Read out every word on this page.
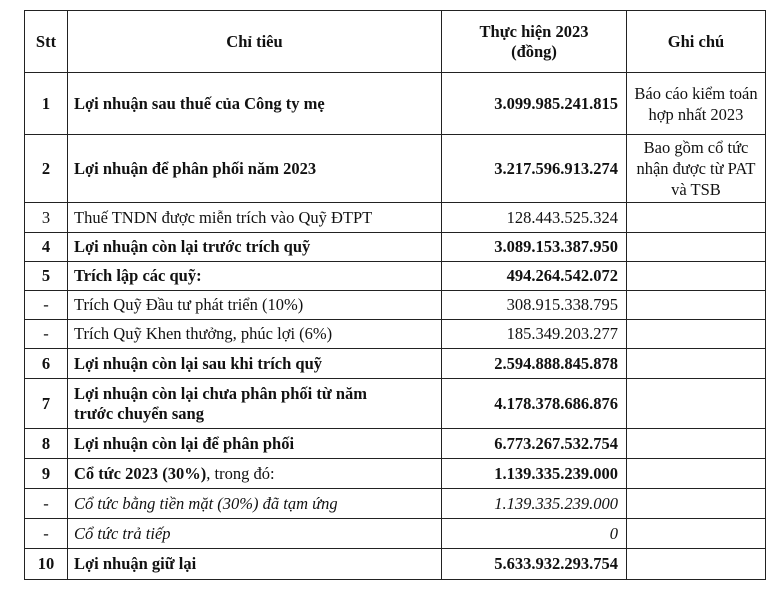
Stt	Chỉ tiêu	Thực hiện 2023
(đồng)	Ghi chú
1	Lợi nhuận sau thuế của Công ty mẹ	3.099.985.241.815	Báo cáo kiểm toán
hợp nhất 2023

2	Lợi nhuận để phân phối năm 2023	3.217.596.913.274	Bao gồm cổ tức
nhận được từ PAT
và TSB

3	Thuế TNDN được miễn trích vào Quỹ ĐTPT	128.443.525.324	
4	Lợi nhuận còn lại trước trích quỹ	3.089.153.387.950	
5	Trích lập các quỹ:	494.264.542.072	
-	Trích Quỹ Đầu tư phát triển (10%)	308.915.338.795	
-	Trích Quỹ Khen thưởng, phúc lợi (6%)	185.349.203.277	
6	Lợi nhuận còn lại sau khi trích quỹ	2.594.888.845.878	
7	Lợi nhuận còn lại chưa phân phối từ năm
trước chuyển sang	4.178.378.686.876	
8	Lợi nhuận còn lại để phân phối	6.773.267.532.754	
9	Cổ tức 2023 (30%), trong đó:	1.139.335.239.000	
-	Cổ tức bằng tiền mặt (30%) đã tạm ứng	1.139.335.239.000	
-	Cổ tức trả tiếp	0	
10	Lợi nhuận giữ lại	5.633.932.293.754	
